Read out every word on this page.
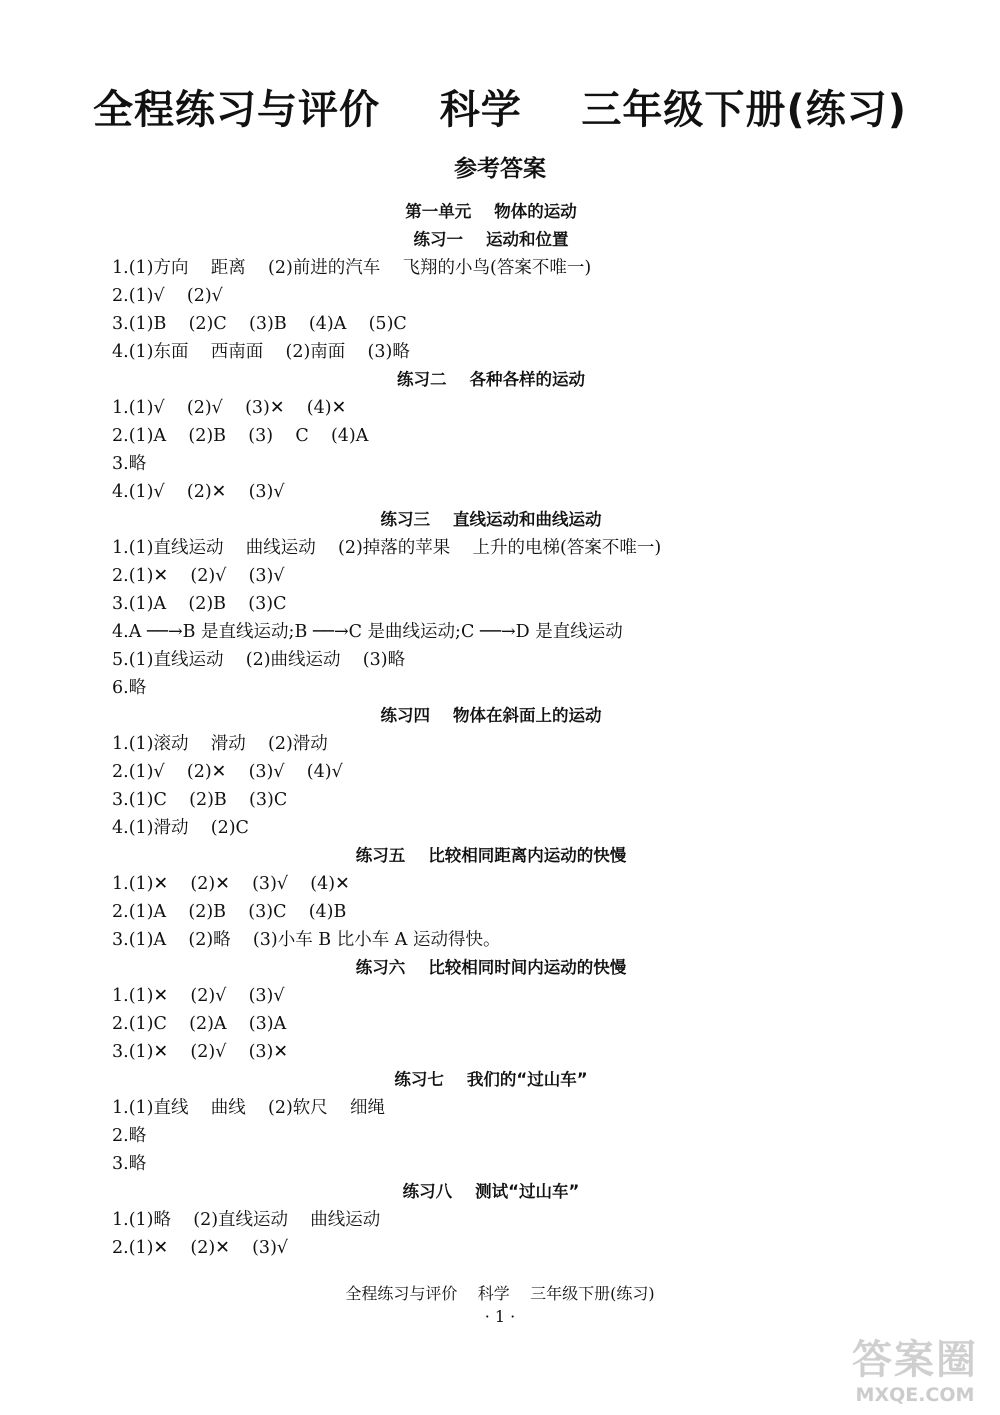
全程练习与评价    科学    三年级下册(练习)
参考答案
第一单元    物体的运动
练习一    运动和位置
1.(1)方向    距离    (2)前进的汽车    飞翔的小鸟(答案不唯一)
2.(1)√    (2)√
3.(1)B    (2)C    (3)B    (4)A    (5)C
4.(1)东面    西南面    (2)南面    (3)略
练习二    各种各样的运动
1.(1)√    (2)√    (3)✕    (4)✕
2.(1)A    (2)B    (3)    C    (4)A
3.略
4.(1)√    (2)✕    (3)√
练习三    直线运动和曲线运动
1.(1)直线运动    曲线运动    (2)掉落的苹果    上升的电梯(答案不唯一)
2.(1)✕    (2)√    (3)√
3.(1)A    (2)B    (3)C
4.A ──→B 是直线运动;B ──→C 是曲线运动;C ──→D 是直线运动
5.(1)直线运动    (2)曲线运动    (3)略
6.略
练习四    物体在斜面上的运动
1.(1)滚动    滑动    (2)滑动
2.(1)√    (2)✕    (3)√    (4)√
3.(1)C    (2)B    (3)C
4.(1)滑动    (2)C
练习五    比较相同距离内运动的快慢
1.(1)✕    (2)✕    (3)√    (4)✕
2.(1)A    (2)B    (3)C    (4)B
3.(1)A    (2)略    (3)小车 B 比小车 A 运动得快。
练习六    比较相同时间内运动的快慢
1.(1)✕    (2)√    (3)√
2.(1)C    (2)A    (3)A
3.(1)✕    (2)√    (3)✕
练习七    我们的“过山车”
1.(1)直线    曲线    (2)软尺    细绳
2.略
3.略
练习八    测试“过山车”
1.(1)略    (2)直线运动    曲线运动
2.(1)✕    (2)✕    (3)√
全程练习与评价    科学    三年级下册(练习)
· 1 ·
答案圈
MXQE.COM
